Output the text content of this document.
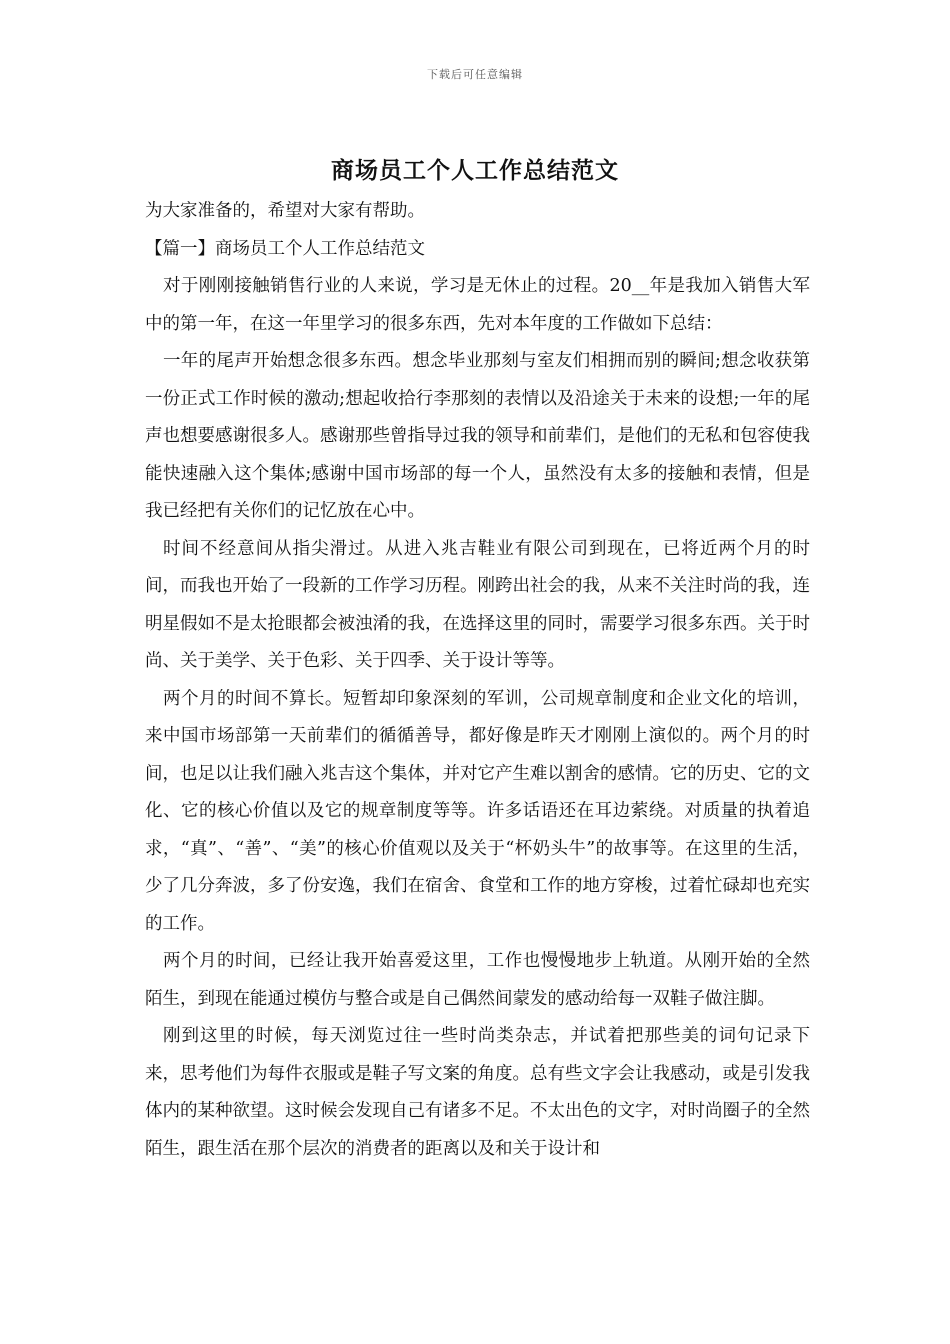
下载后可任意编辑
商场员工个人工作总结范文

为大家准备的，希望对大家有帮助。

【篇一】商场员工个人工作总结范文

对于刚刚接触销售行业的人来说，学习是无休止的过程。20__年是我加入销售大军中的第一年，在这一年里学习的很多东西，先对本年度的工作做如下总结：

一年的尾声开始想念很多东西。想念毕业那刻与室友们相拥而别的瞬间;想念收获第一份正式工作时候的激动;想起收拾行李那刻的表情以及沿途关于未来的设想;一年的尾声也想要感谢很多人。感谢那些曾指导过我的领导和前辈们，是他们的无私和包容使我能快速融入这个集体;感谢中国市场部的每一个人，虽然没有太多的接触和表情，但是我已经把有关你们的记忆放在心中。

时间不经意间从指尖滑过。从进入兆吉鞋业有限公司到现在，已将近两个月的时间，而我也开始了一段新的工作学习历程。刚跨出社会的我，从来不关注时尚的我，连明星假如不是太抢眼都会被浊淆的我，在选择这里的同时，需要学习很多东西。关于时尚、关于美学、关于色彩、关于四季、关于设计等等。

两个月的时间不算长。短暂却印象深刻的军训，公司规章制度和企业文化的培训，来中国市场部第一天前辈们的循循善导，都好像是昨天才刚刚上演似的。两个月的时间，也足以让我们融入兆吉这个集体，并对它产生难以割舍的感情。它的历史、它的文化、它的核心价值以及它的规章制度等等。许多话语还在耳边萦绕。对质量的执着追求，“真”、“善”、“美”的核心价值观以及关于“杯奶头牛”的故事等。在这里的生活，少了几分奔波，多了份安逸，我们在宿舍、食堂和工作的地方穿梭，过着忙碌却也充实的工作。

两个月的时间，已经让我开始喜爱这里，工作也慢慢地步上轨道。从刚开始的全然陌生，到现在能通过模仿与整合或是自己偶然间蒙发的感动给每一双鞋子做注脚。

刚到这里的时候，每天浏览过往一些时尚类杂志，并试着把那些美的词句记录下来，思考他们为每件衣服或是鞋子写文案的角度。总有些文字会让我感动，或是引发我体内的某种欲望。这时候会发现自己有诸多不足。不太出色的文字，对时尚圈子的全然陌生，跟生活在那个层次的消费者的距离以及和关于设计和
